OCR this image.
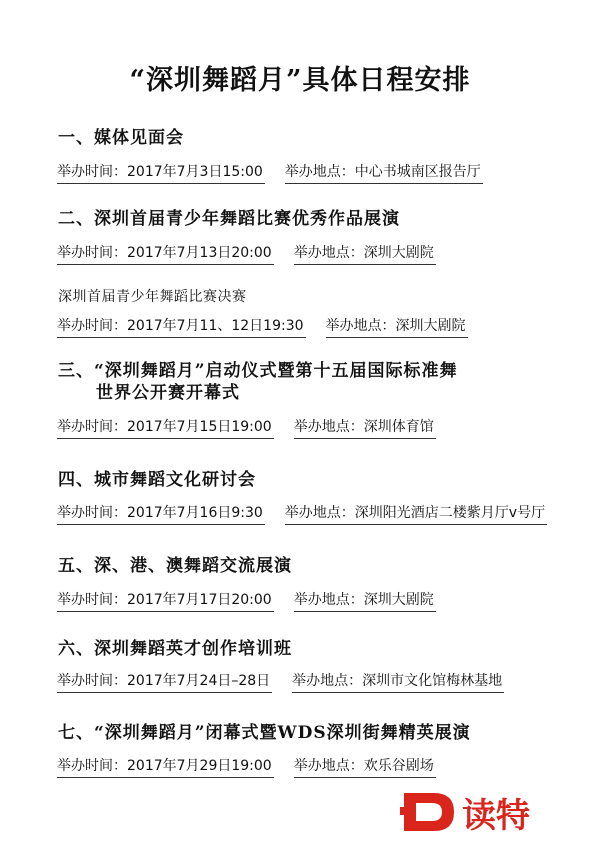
“深圳舞蹈月”具体日程安排
一、媒体见面会
举办时间：2017年7月3日15:00 举办地点：中心书城南区报告厅
二、深圳首届青少年舞蹈比赛优秀作品展演
举办时间：2017年7月13日20:00 举办地点：深圳大剧院
深圳首届青少年舞蹈比赛决赛
举办时间：2017年7月11、12日19:30 举办地点：深圳大剧院
三、“深圳舞蹈月”启动仪式暨第十五届国际标准舞
世界公开赛开幕式
举办时间：2017年7月15日19:00 举办地点：深圳体育馆
四、城市舞蹈文化研讨会
举办时间：2017年7月16日9:30 举办地点：深圳阳光酒店二楼紫月厅v号厅
五、深、港、澳舞蹈交流展演
举办时间：2017年7月17日20:00 举办地点：深圳大剧院
六、深圳舞蹈英才创作培训班
举办时间：2017年7月24日–28日 举办地点：深圳市文化馆梅林基地
七、“深圳舞蹈月”闭幕式暨WDS深圳街舞精英展演
举办时间：2017年7月29日19:00 举办地点：欢乐谷剧场
读特
